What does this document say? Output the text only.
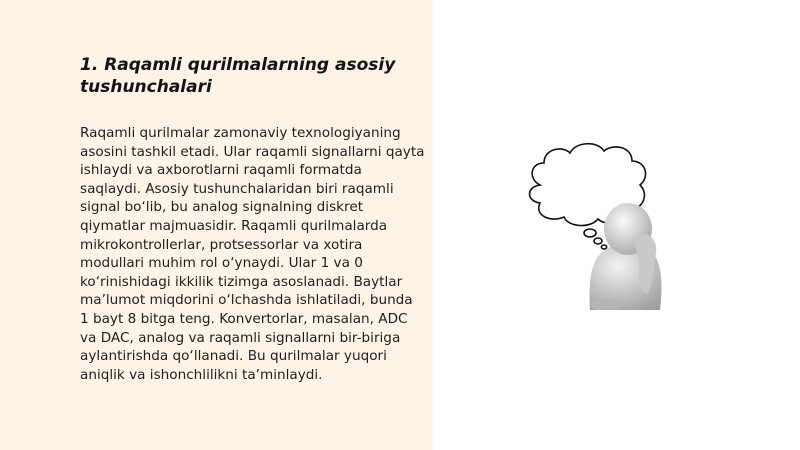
1. Raqamli qurilmalarning asosiy tushunchalari

Raqamli qurilmalar zamonaviy texnologiyaning asosini tashkil etadi. Ular raqamli signallarni qayta ishlaydi va axborotlarni raqamli formatda saqlaydi. Asosiy tushunchalaridan biri raqamli signal bo‘lib, bu analog signalning diskret qiymatlar majmuasidir. Raqamli qurilmalarda mikrokontrollerlar, protsessorlar va xotira modullari muhim rol o‘ynaydi. Ular 1 va 0 ko‘rinishidagi ikkilik tizimga asoslanadi. Baytlar ma’lumot miqdorini o‘lchashda ishlatiladi, bunda 1 bayt 8 bitga teng. Konvertorlar, masalan, ADC va DAC, analog va raqamli signallarni bir-biriga aylantirishda qo‘llanadi. Bu qurilmalar yuqori aniqlik va ishonchlilikni ta’minlaydi.
